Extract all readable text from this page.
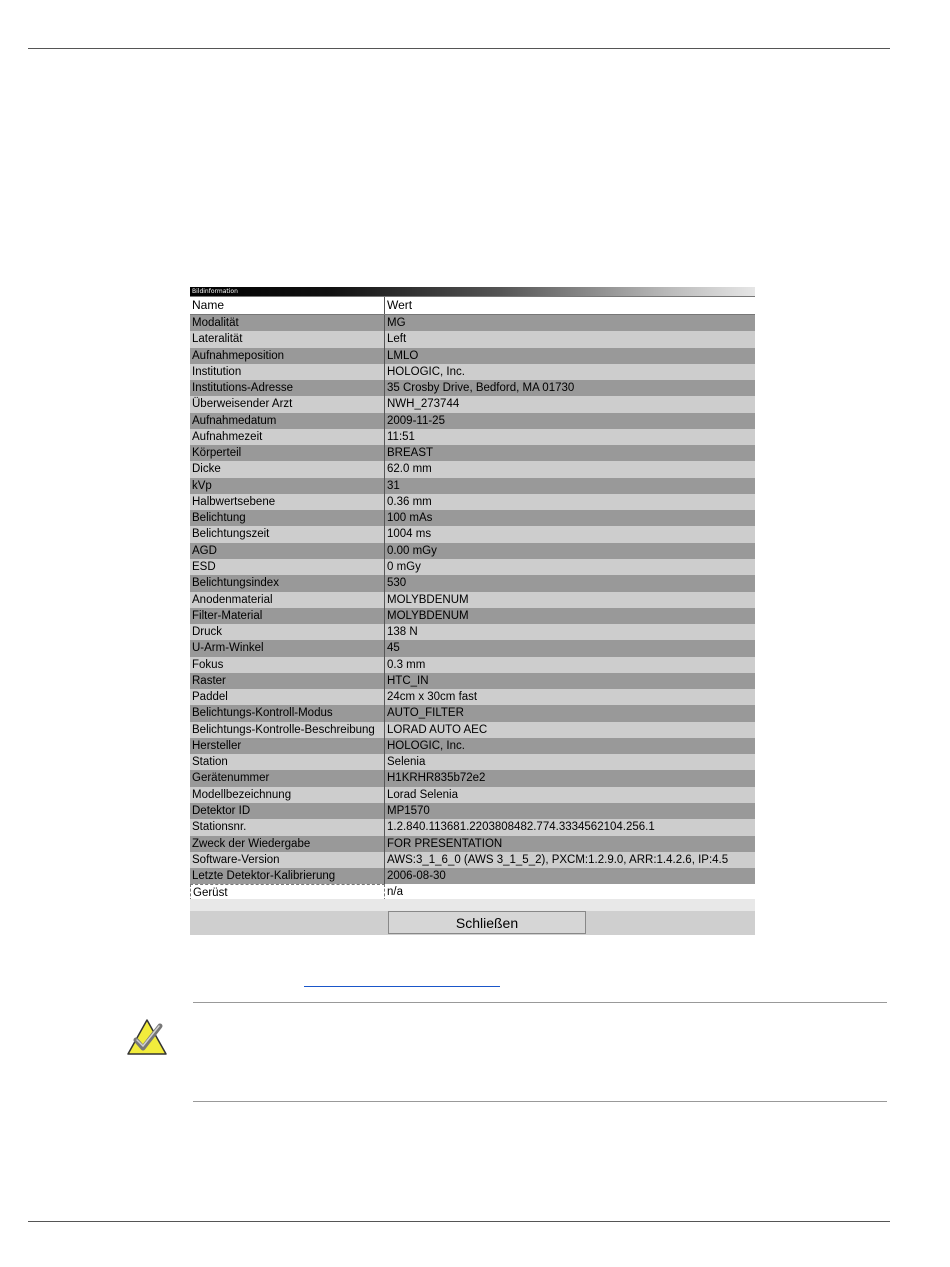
Bildinformation
Name	Wert
Modalität	MG
Lateralität	Left
Aufnahmeposition	LMLO
Institution	HOLOGIC, Inc.
Institutions-Adresse	35 Crosby Drive, Bedford, MA 01730
Überweisender Arzt	NWH_273744
Aufnahmedatum	2009-11-25
Aufnahmezeit	11:51
Körperteil	BREAST
Dicke	62.0 mm
kVp	31
Halbwertsebene	0.36 mm
Belichtung	100 mAs
Belichtungszeit	1004 ms
AGD	0.00 mGy
ESD	0 mGy
Belichtungsindex	530
Anodenmaterial	MOLYBDENUM
Filter-Material	MOLYBDENUM
Druck	138 N
U-Arm-Winkel	45
Fokus	0.3 mm
Raster	HTC_IN
Paddel	24cm x 30cm fast
Belichtungs-Kontroll-Modus	AUTO_FILTER
Belichtungs-Kontrolle-Beschreibung	LORAD AUTO AEC
Hersteller	HOLOGIC, Inc.
Station	Selenia
Gerätenummer	H1KRHR835b72e2
Modellbezeichnung	Lorad Selenia
Detektor ID	MP1570
Stationsnr.	1.2.840.113681.2203808482.774.3334562104.256.1
Zweck der Wiedergabe	FOR PRESENTATION
Software-Version	AWS:3_1_6_0 (AWS 3_1_5_2), PXCM:1.2.9.0, ARR:1.4.2.6, IP:4.5
Letzte Detektor-Kalibrierung	2006-08-30
Gerüst	n/a
Schließen
